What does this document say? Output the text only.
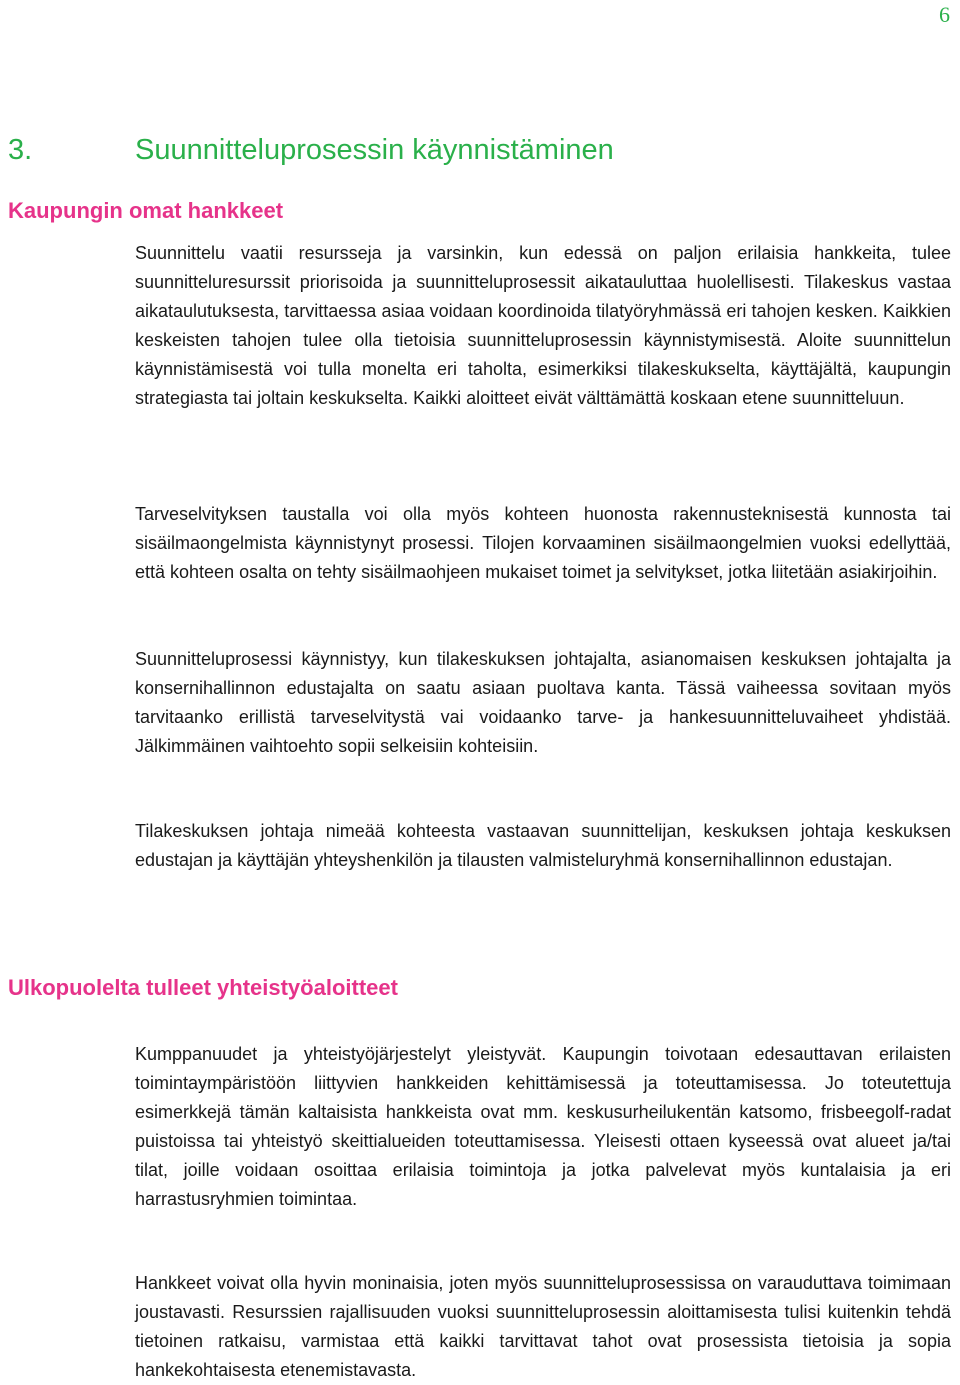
6
3.	Suunnitteluprosessin käynnistäminen
Kaupungin omat hankkeet

Suunnittelu vaatii resursseja ja varsinkin, kun edessä on paljon erilaisia hankkeita, tulee suunnitteluresurssit priorisoida ja suunnitteluprosessit aikatauluttaa huolellisesti. Tilakeskus vastaa aikataulutuksesta, tarvittaessa asiaa voidaan koordinoida tilatyöryhmässä eri tahojen kesken. Kaikkien keskeisten tahojen tulee olla tietoisia suunnitteluprosessin käynnistymisestä. Aloite suunnittelun käynnistämisestä voi tulla monelta eri taholta, esimerkiksi tilakeskukselta, käyttäjältä, kaupungin strategiasta tai joltain keskukselta. Kaikki aloitteet eivät välttämättä koskaan etene suunnitteluun.

Tarveselvityksen taustalla voi olla myös kohteen huonosta rakennusteknisestä kunnosta tai sisäilmaongelmista käynnistynyt prosessi. Tilojen korvaaminen sisäilmaongelmien vuoksi edellyttää, että kohteen osalta on tehty sisäilmaohjeen mukaiset toimet ja selvitykset, jotka liitetään asiakirjoihin.

Suunnitteluprosessi käynnistyy, kun tilakeskuksen johtajalta, asianomaisen keskuksen johtajalta ja konsernihallinnon edustajalta on saatu asiaan puoltava kanta. Tässä vaiheessa sovitaan myös tarvitaanko erillistä tarveselvitystä vai voidaanko tarve- ja hankesuunnitteluvaiheet yhdistää. Jälkimmäinen vaihtoehto sopii selkeisiin kohteisiin.

Tilakeskuksen johtaja nimeää kohteesta vastaavan suunnittelijan, keskuksen johtaja keskuksen edustajan ja käyttäjän yhteyshenkilön ja tilausten valmisteluryhmä konsernihallinnon edustajan.

Ulkopuolelta tulleet yhteistyöaloitteet

Kumppanuudet ja yhteistyöjärjestelyt yleistyvät. Kaupungin toivotaan edesauttavan erilaisten toimintaympäristöön liittyvien hankkeiden kehittämisessä ja toteuttamisessa. Jo toteutettuja esimerkkejä tämän kaltaisista hankkeista ovat mm. keskusurheilukentän katsomo, frisbeegolf-radat puistoissa tai yhteistyö skeittialueiden toteuttamisessa. Yleisesti ottaen kyseessä ovat alueet ja/tai tilat, joille voidaan osoittaa erilaisia toimintoja ja jotka palvelevat myös kuntalaisia ja eri harrastusryhmien toimintaa.

Hankkeet voivat olla hyvin moninaisia, joten myös suunnitteluprosessissa on varauduttava toimimaan joustavasti. Resurssien rajallisuuden vuoksi suunnitteluprosessin aloittamisesta tulisi kuitenkin tehdä tietoinen ratkaisu, varmistaa että kaikki tarvittavat tahot ovat prosessista tietoisia ja sopia hankekohtaisesta etenemistavasta.
